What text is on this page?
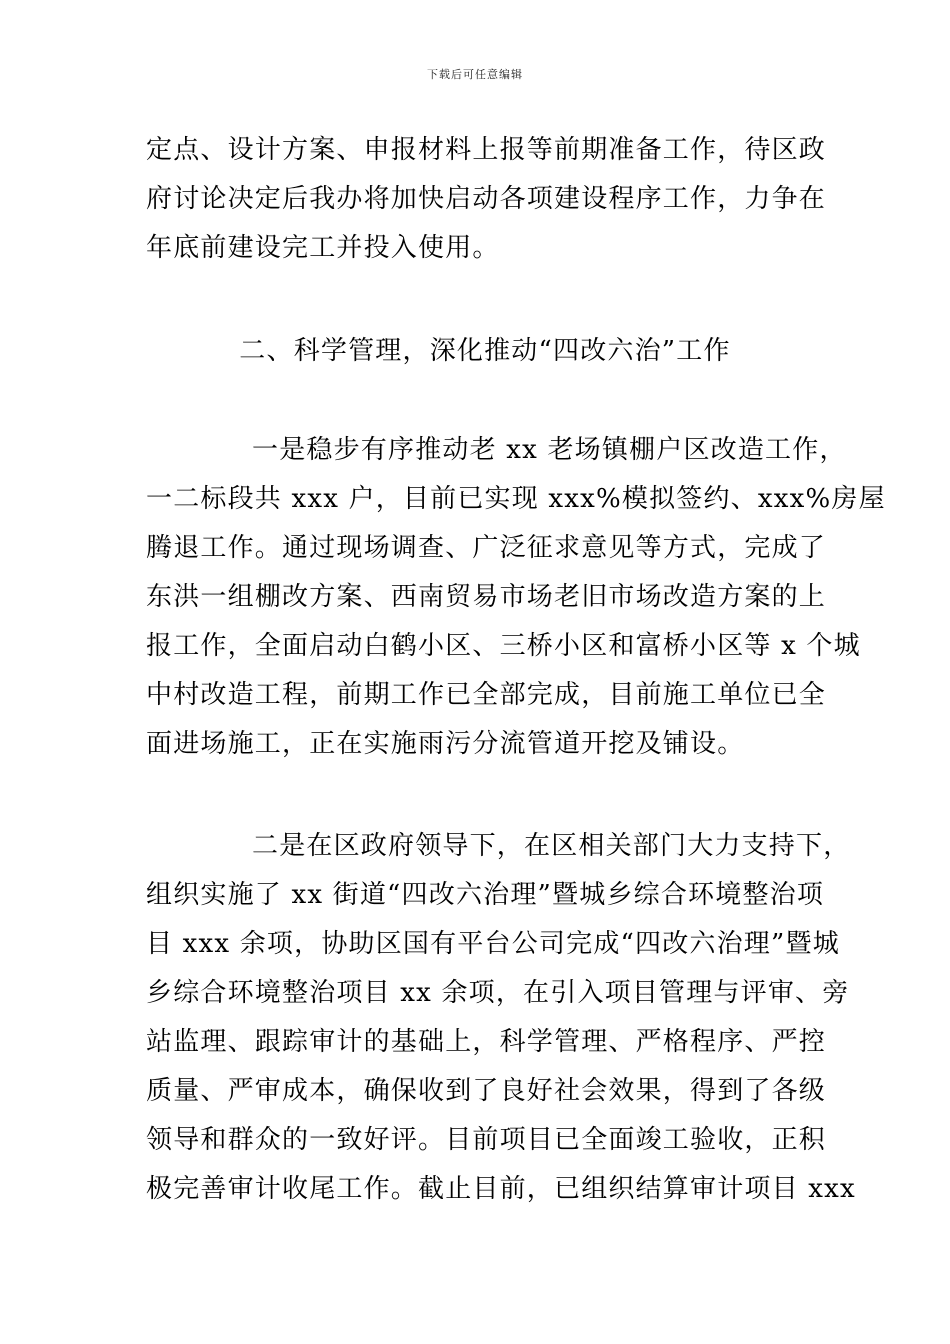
下载后可任意编辑
定点、设计方案、申报材料上报等前期准备工作，待区政
府讨论决定后我办将加快启动各项建设程序工作，力争在
年底前建设完工并投入使用。
二、科学管理，深化推动“四改六治”工作
一是稳步有序推动老 xx 老场镇棚户区改造工作，
一二标段共 xxx 户，目前已实现 xxx%模拟签约、xxx%房屋
腾退工作。通过现场调查、广泛征求意见等方式，完成了
东洪一组棚改方案、西南贸易市场老旧市场改造方案的上
报工作，全面启动白鹤小区、三桥小区和富桥小区等 x 个城
中村改造工程，前期工作已全部完成，目前施工单位已全
面进场施工，正在实施雨污分流管道开挖及铺设。
二是在区政府领导下，在区相关部门大力支持下，
组织实施了 xx 街道“四改六治理”暨城乡综合环境整治项
目 xxx 余项，协助区国有平台公司完成“四改六治理”暨城
乡综合环境整治项目 xx 余项，在引入项目管理与评审、旁
站监理、跟踪审计的基础上，科学管理、严格程序、严控
质量、严审成本，确保收到了良好社会效果，得到了各级
领导和群众的一致好评。目前项目已全面竣工验收，正积
极完善审计收尾工作。截止目前，已组织结算审计项目 xxx
